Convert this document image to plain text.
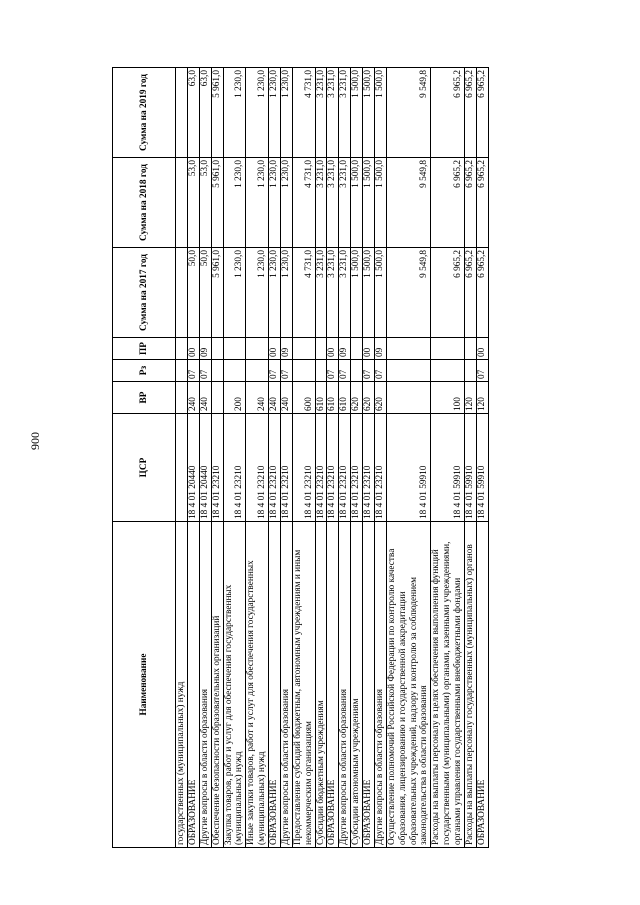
900
Наименование	ЦСР	ВР	Рз	ПР	Сумма на 2017 год	Сумма на 2018 год	Сумма на 2019 год
государственных (муниципальных) нужд							
ОБРАЗОВАНИЕ	18 4 01 20440	240	07	00	50,0	53,0	63,0
Другие вопросы в области образования	18 4 01 20440	240	07	09	50,0	53,0	63,0
Обеспечение безопасности образовательных организаций	18 4 01 23210				5 961,0	5 961,0	5 961,0
Закупка товаров, работ и услуг для обеспечения государственных (муниципальных) нужд	18 4 01 23210	200			1 230,0	1 230,0	1 230,0
Иные закупки товаров, работ и услуг для обеспечения государственных (муниципальных) нужд	18 4 01 23210	240			1 230,0	1 230,0	1 230,0
ОБРАЗОВАНИЕ	18 4 01 23210	240	07	00	1 230,0	1 230,0	1 230,0
Другие вопросы в области образования	18 4 01 23210	240	07	09	1 230,0	1 230,0	1 230,0
Предоставление субсидий бюджетным, автономным учреждениям и иным некоммерческим организациям	18 4 01 23210	600			4 731,0	4 731,0	4 731,0
Субсидии бюджетным учреждениям	18 4 01 23210	610			3 231,0	3 231,0	3 231,0
ОБРАЗОВАНИЕ	18 4 01 23210	610	07	00	3 231,0	3 231,0	3 231,0
Другие вопросы в области образования	18 4 01 23210	610	07	09	3 231,0	3 231,0	3 231,0
Субсидии автономным учреждениям	18 4 01 23210	620			1 500,0	1 500,0	1 500,0
ОБРАЗОВАНИЕ	18 4 01 23210	620	07	00	1 500,0	1 500,0	1 500,0
Другие вопросы в области образования	18 4 01 23210	620	07	09	1 500,0	1 500,0	1 500,0
Осуществление полномочий Российской Федерации по контролю качества образования, лицензированию и государственной аккредитации образовательных учреждений, надзору и контролю за соблюдением законодательства в области образования	18 4 01 59910				9 549,8	9 549,8	9 549,8
Расходы на выплаты персоналу в целях обеспечения выполнения функций государственными (муниципальными) органами, казенными учреждениями, органами управления государственными внебюджетными фондами	18 4 01 59910	100			6 965,2	6 965,2	6 965,2
Расходы на выплаты персоналу государственных (муниципальных) органов	18 4 01 59910	120			6 965,2	6 965,2	6 965,2
ОБРАЗОВАНИЕ	18 4 01 59910	120	07	00	6 965,2	6 965,2	6 965,2
